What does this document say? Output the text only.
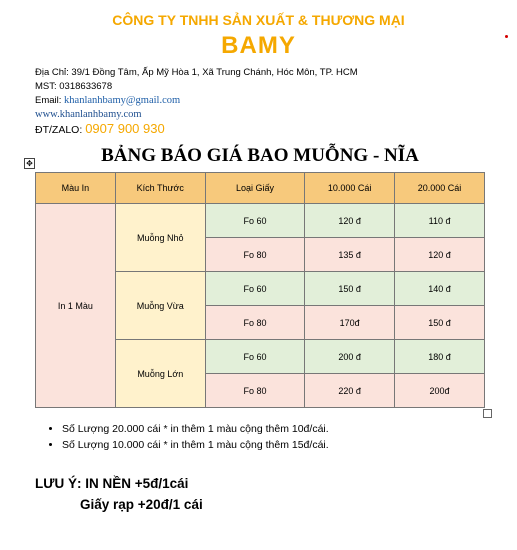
CÔNG TY TNHH SẢN XUẤT & THƯƠNG MẠI
BAMY
Địa Chỉ: 39/1 Đồng Tâm, Ấp Mỹ Hòa 1, Xã Trung Chánh, Hóc Môn, TP. HCM
MST: 0318633678
Email: khanlanhbamy@gmail.com
www.khanlanhbamy.com
ĐT/ZALO: 0907 900 930
✥	BẢNG BÁO GIÁ BAO MUỖNG - NĨA
Màu In	Kích Thước	Loại Giấy	10.000 Cái	20.000 Cái
In 1 Màu	Muỗng Nhỏ	Fo 60	120 đ	110 đ
		Fo 80	135 đ	120 đ
	Muỗng Vừa	Fo 60	150 đ	140 đ
		Fo 80	170đ	150 đ
	Muỗng Lớn	Fo 60	200 đ	180 đ
		Fo 80	220 đ	200đ
• Số Lượng 20.000 cái * in thêm 1 màu cộng thêm 10đ/cái.
• Số Lượng 10.000 cái * in thêm 1 màu cộng thêm 15đ/cái.
LƯU Ý: IN NỀN +5đ/1cái
Giấy rạp +20đ/1 cái
